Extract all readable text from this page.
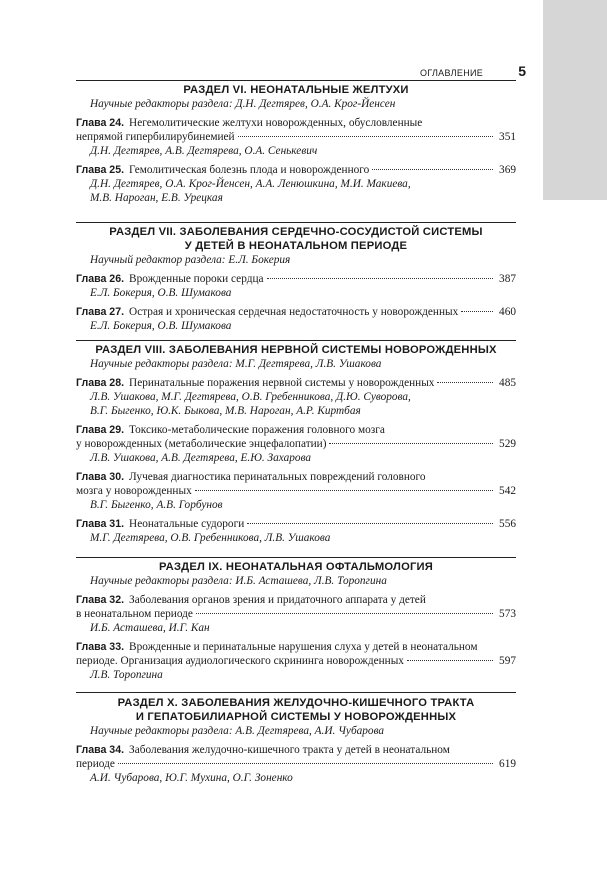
ОГЛАВЛЕНИЕ	5
РАЗДЕЛ VI. НЕОНАТАЛЬНЫЕ ЖЕЛТУХИ
Научные редакторы раздела: Д.Н. Дегтярев, О.А. Крог-Йенсен
Глава 24. Негемолитические желтухи новорожденных, обусловленные
непрямой гипербилирубинемией	351
Д.Н. Дегтярев, А.В. Дегтярева, О.А. Сенькевич
Глава 25. Гемолитическая болезнь плода и новорожденного	369
Д.Н. Дегтярев, О.А. Крог-Йенсен, А.А. Ленюшкина, М.И. Макиева,
М.В. Нароган, Е.В. Урецкая
РАЗДЕЛ VII. ЗАБОЛЕВАНИЯ СЕРДЕЧНО-СОСУДИСТОЙ СИСТЕМЫ
У ДЕТЕЙ В НЕОНАТАЛЬНОМ ПЕРИОДЕ
Научный редактор раздела: Е.Л. Бокерия
Глава 26. Врожденные пороки сердца	387
Е.Л. Бокерия, О.В. Шумакова
Глава 27. Острая и хроническая сердечная недостаточность у новорожденных	460
Е.Л. Бокерия, О.В. Шумакова
РАЗДЕЛ VIII. ЗАБОЛЕВАНИЯ НЕРВНОЙ СИСТЕМЫ НОВОРОЖДЕННЫХ
Научные редакторы раздела: М.Г. Дегтярева, Л.В. Ушакова
Глава 28. Перинатальные поражения нервной системы у новорожденных	485
Л.В. Ушакова, М.Г. Дегтярева, О.В. Гребенникова, Д.Ю. Суворова,
В.Г. Быгенко, Ю.К. Быкова, М.В. Нароган, А.Р. Киртбая
Глава 29. Токсико-метаболические поражения головного мозга
у новорожденных (метаболические энцефалопатии)	529
Л.В. Ушакова, А.В. Дегтярева, Е.Ю. Захарова
Глава 30. Лучевая диагностика перинатальных повреждений головного
мозга у новорожденных	542
В.Г. Быгенко, А.В. Горбунов
Глава 31. Неонатальные судороги	556
М.Г. Дегтярева, О.В. Гребенникова, Л.В. Ушакова
РАЗДЕЛ IX. НЕОНАТАЛЬНАЯ ОФТАЛЬМОЛОГИЯ
Научные редакторы раздела: И.Б. Асташева, Л.В. Торопгина
Глава 32. Заболевания органов зрения и придаточного аппарата у детей
в неонатальном периоде	573
И.Б. Асташева, И.Г. Кан
Глава 33. Врожденные и перинатальные нарушения слуха у детей в неонатальном
периоде. Организация аудиологического скрининга новорожденных	597
Л.В. Торопгина
РАЗДЕЛ X. ЗАБОЛЕВАНИЯ ЖЕЛУДОЧНО-КИШЕЧНОГО ТРАКТА
И ГЕПАТОБИЛИАРНОЙ СИСТЕМЫ У НОВОРОЖДЕННЫХ
Научные редакторы раздела: А.В. Дегтярева, А.И. Чубарова
Глава 34. Заболевания желудочно-кишечного тракта у детей в неонатальном
периоде	619
А.И. Чубарова, Ю.Г. Мухина, О.Г. Зоненко
